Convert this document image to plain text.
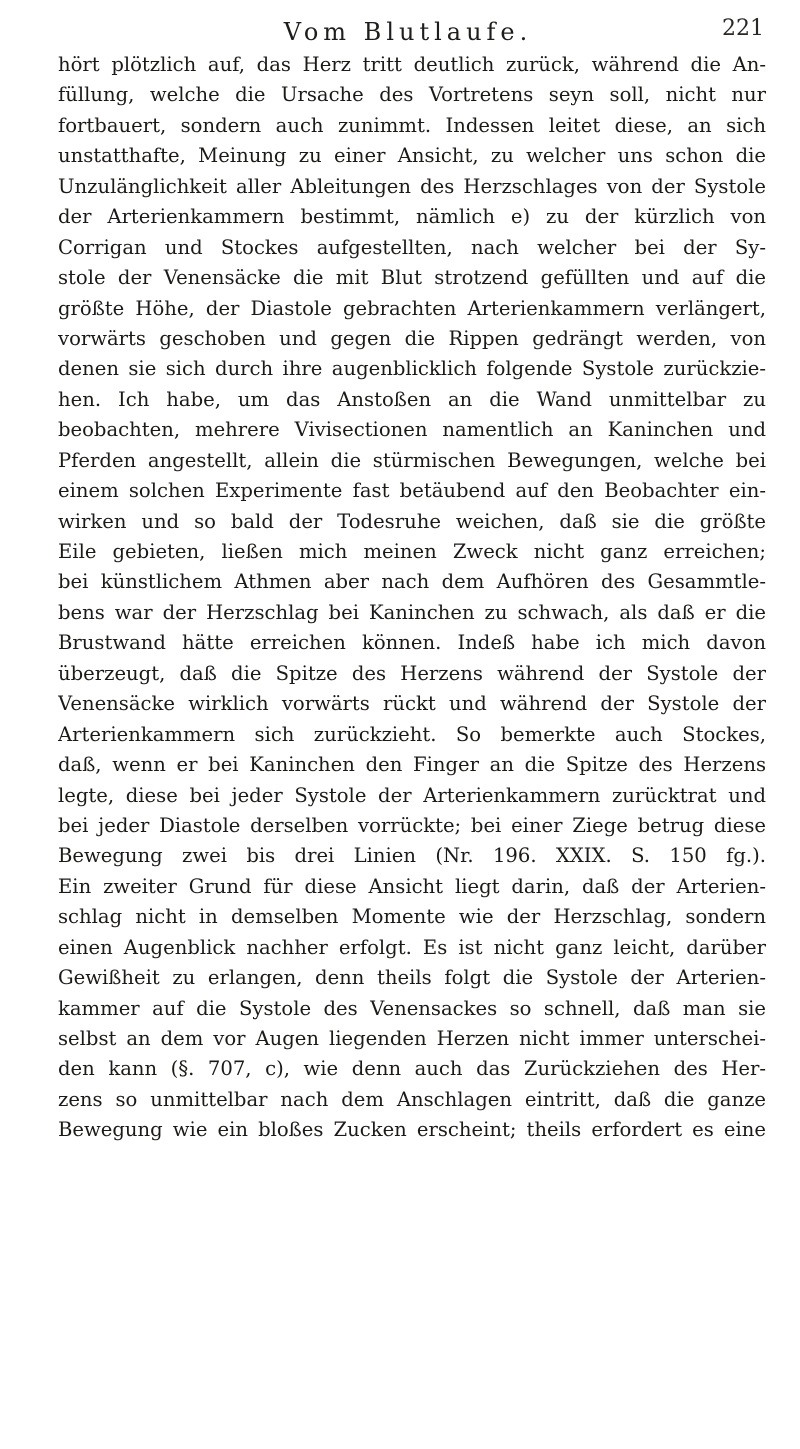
Vom Blutlaufe.	221
hört plötzlich auf, das Herz tritt deutlich zurück, während die An-
füllung, welche die Ursache des Vortretens seyn soll, nicht nur
fortbauert, sondern auch zunimmt. Indessen leitet diese, an sich
unstatthafte, Meinung zu einer Ansicht, zu welcher uns schon die
Unzulänglichkeit aller Ableitungen des Herzschlages von der Systole
der Arterienkammern bestimmt, nämlich e) zu der kürzlich von
Corrigan und Stockes aufgestellten, nach welcher bei der Sy-
stole der Venensäcke die mit Blut strotzend gefüllten und auf die
größte Höhe, der Diastole gebrachten Arterienkammern verlängert,
vorwärts geschoben und gegen die Rippen gedrängt werden, von
denen sie sich durch ihre augenblicklich folgende Systole zurückzie-
hen. Ich habe, um das Anstoßen an die Wand unmittelbar zu
beobachten, mehrere Vivisectionen namentlich an Kaninchen und
Pferden angestellt, allein die stürmischen Bewegungen, welche bei
einem solchen Experimente fast betäubend auf den Beobachter ein-
wirken und so bald der Todesruhe weichen, daß sie die größte
Eile gebieten, ließen mich meinen Zweck nicht ganz erreichen;
bei künstlichem Athmen aber nach dem Aufhören des Gesammtle-
bens war der Herzschlag bei Kaninchen zu schwach, als daß er die
Brustwand hätte erreichen können. Indeß habe ich mich davon
überzeugt, daß die Spitze des Herzens während der Systole der
Venensäcke wirklich vorwärts rückt und während der Systole der
Arterienkammern sich zurückzieht. So bemerkte auch Stockes,
daß, wenn er bei Kaninchen den Finger an die Spitze des Herzens
legte, diese bei jeder Systole der Arterienkammern zurücktrat und
bei jeder Diastole derselben vorrückte; bei einer Ziege betrug diese
Bewegung zwei bis drei Linien (Nr. 196. XXIX. S. 150 fg.).
Ein zweiter Grund für diese Ansicht liegt darin, daß der Arterien-
schlag nicht in demselben Momente wie der Herzschlag, sondern
einen Augenblick nachher erfolgt. Es ist nicht ganz leicht, darüber
Gewißheit zu erlangen, denn theils folgt die Systole der Arterien-
kammer auf die Systole des Venensackes so schnell, daß man sie
selbst an dem vor Augen liegenden Herzen nicht immer unterschei-
den kann (§. 707, c), wie denn auch das Zurückziehen des Her-
zens so unmittelbar nach dem Anschlagen eintritt, daß die ganze
Bewegung wie ein bloßes Zucken erscheint; theils erfordert es eine
